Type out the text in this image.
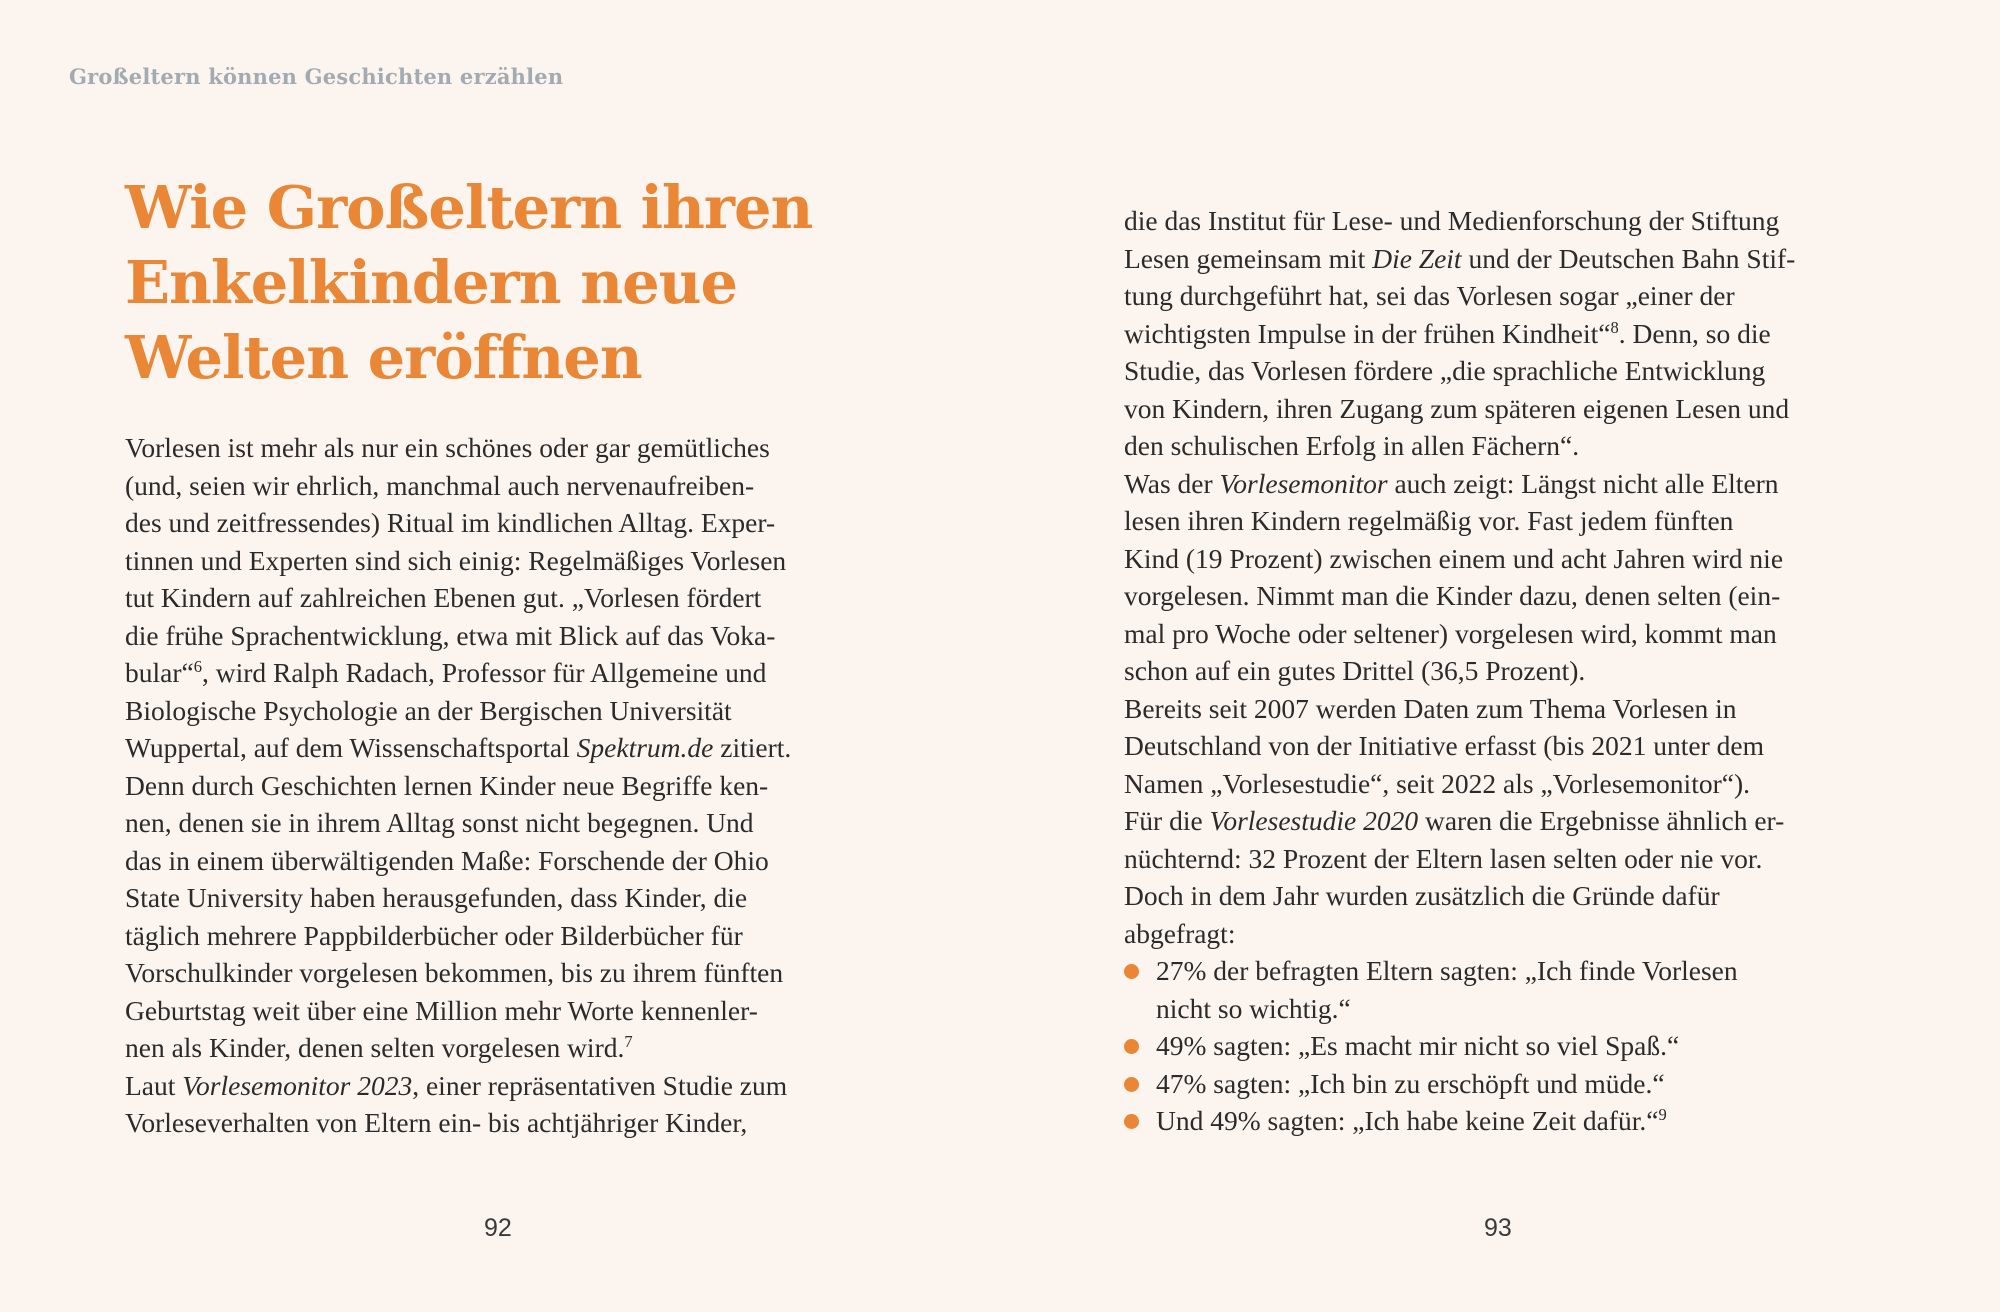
Großeltern können Geschichten erzählen
Wie Großeltern ihren
Enkelkindern neue
Welten eröffnen
Vorlesen ist mehr als nur ein schönes oder gar gemütliches
(und, seien wir ehrlich, manchmal auch nervenaufreiben-
des und zeitfressendes) Ritual im kindlichen Alltag. Exper-
tinnen und Experten sind sich einig: Regelmäßiges Vorlesen
tut Kindern auf zahlreichen Ebenen gut. „Vorlesen fördert
die frühe Sprachentwicklung, etwa mit Blick auf das Voka-
bular“$^6$, wird Ralph Radach, Professor für Allgemeine und
Biologische Psychologie an der Bergischen Universität
Wuppertal, auf dem Wissenschaftsportal Spektrum.de zitiert.
Denn durch Geschichten lernen Kinder neue Begriffe ken-
nen, denen sie in ihrem Alltag sonst nicht begegnen. Und
das in einem überwältigenden Maße: Forschende der Ohio
State University haben herausgefunden, dass Kinder, die
täglich mehrere Pappbilderbücher oder Bilderbücher für
Vorschulkinder vorgelesen bekommen, bis zu ihrem fünften
Geburtstag weit über eine Million mehr Worte kennenler-
nen als Kinder, denen selten vorgelesen wird.$^7$
Laut Vorlesemonitor 2023, einer repräsentativen Studie zum
Vorleseverhalten von Eltern ein- bis achtjähriger Kinder,
die das Institut für Lese- und Medienforschung der Stiftung
Lesen gemeinsam mit Die Zeit und der Deutschen Bahn Stif-
tung durchgeführt hat, sei das Vorlesen sogar „einer der
wichtigsten Impulse in der frühen Kindheit“$^8$. Denn, so die
Studie, das Vorlesen fördere „die sprachliche Entwicklung
von Kindern, ihren Zugang zum späteren eigenen Lesen und
den schulischen Erfolg in allen Fächern“.
Was der Vorlesemonitor auch zeigt: Längst nicht alle Eltern
lesen ihren Kindern regelmäßig vor. Fast jedem fünften
Kind (19 Prozent) zwischen einem und acht Jahren wird nie
vorgelesen. Nimmt man die Kinder dazu, denen selten (ein-
mal pro Woche oder seltener) vorgelesen wird, kommt man
schon auf ein gutes Drittel (36,5 Prozent).
Bereits seit 2007 werden Daten zum Thema Vorlesen in
Deutschland von der Initiative erfasst (bis 2021 unter dem
Namen „Vorlesestudie“, seit 2022 als „Vorlesemonitor“).
Für die Vorlesestudie 2020 waren die Ergebnisse ähnlich er-
nüchternd: 32 Prozent der Eltern lasen selten oder nie vor.
Doch in dem Jahr wurden zusätzlich die Gründe dafür
abgefragt:
27% der befragten Eltern sagten: „Ich finde Vorlesen
nicht so wichtig.“
49% sagten: „Es macht mir nicht so viel Spaß.“
47% sagten: „Ich bin zu erschöpft und müde.“
Und 49% sagten: „Ich habe keine Zeit dafür.“$^9$
92	93
